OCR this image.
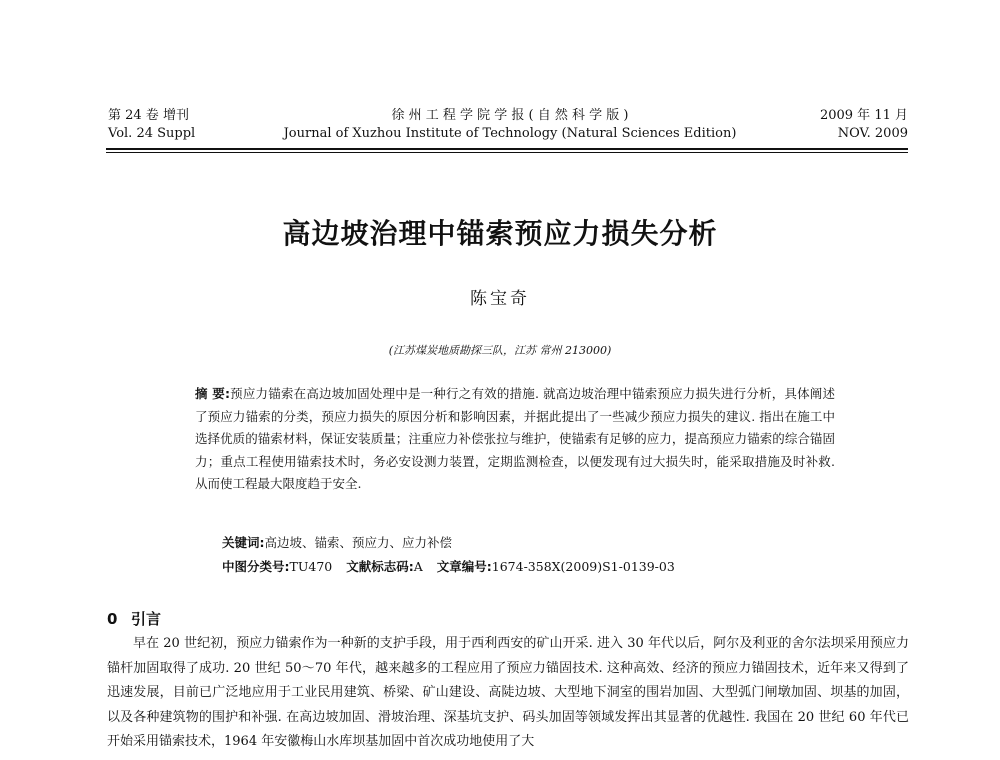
第 24 卷 增刊
Vol. 24 Suppl
徐 州 工 程 学 院 学 报 ( 自 然 科 学 版 )
Journal of Xuzhou Institute of Technology (Natural Sciences Edition)
2009 年 11 月
NOV. 2009
高边坡治理中锚索预应力损失分析
陈宝奇
(江苏煤炭地质勘探三队，江苏 常州 213000)
摘 要:预应力锚索在高边坡加固处理中是一种行之有效的措施. 就高边坡治理中锚索预应力损失进行分析，具体阐述了预应力锚索的分类，预应力损失的原因分析和影响因素，并据此提出了一些减少预应力损失的建议. 指出在施工中选择优质的锚索材料，保证安装质量；注重应力补偿张拉与维护，使锚索有足够的应力，提高预应力锚索的综合锚固力；重点工程使用锚索技术时，务必安设测力装置，定期监测检查，以便发现有过大损失时，能采取措施及时补救. 从而使工程最大限度趋于安全.
关键词:高边坡、锚索、预应力、应力补偿
中图分类号:TU470 文献标志码:A 文章编号:1674-358X(2009)S1-0139-03
0 引言

早在 20 世纪初，预应力锚索作为一种新的支护手段，用于西利西安的矿山开采. 进入 30 年代以后，阿尔及利亚的舍尔法坝采用预应力锚杆加固取得了成功. 20 世纪 50～70 年代，越来越多的工程应用了预应力锚固技术. 这种高效、经济的预应力锚固技术，近年来又得到了迅速发展，目前已广泛地应用于工业民用建筑、桥梁、矿山建设、高陡边坡、大型地下洞室的围岩加固、大型弧门闸墩加固、坝基的加固，以及各种建筑物的围护和补强. 在高边坡加固、滑坡治理、深基坑支护、码头加固等领域发挥出其显著的优越性. 我国在 20 世纪 60 年代已开始采用锚索技术，1964 年安徽梅山水库坝基加固中首次成功地使用了大
